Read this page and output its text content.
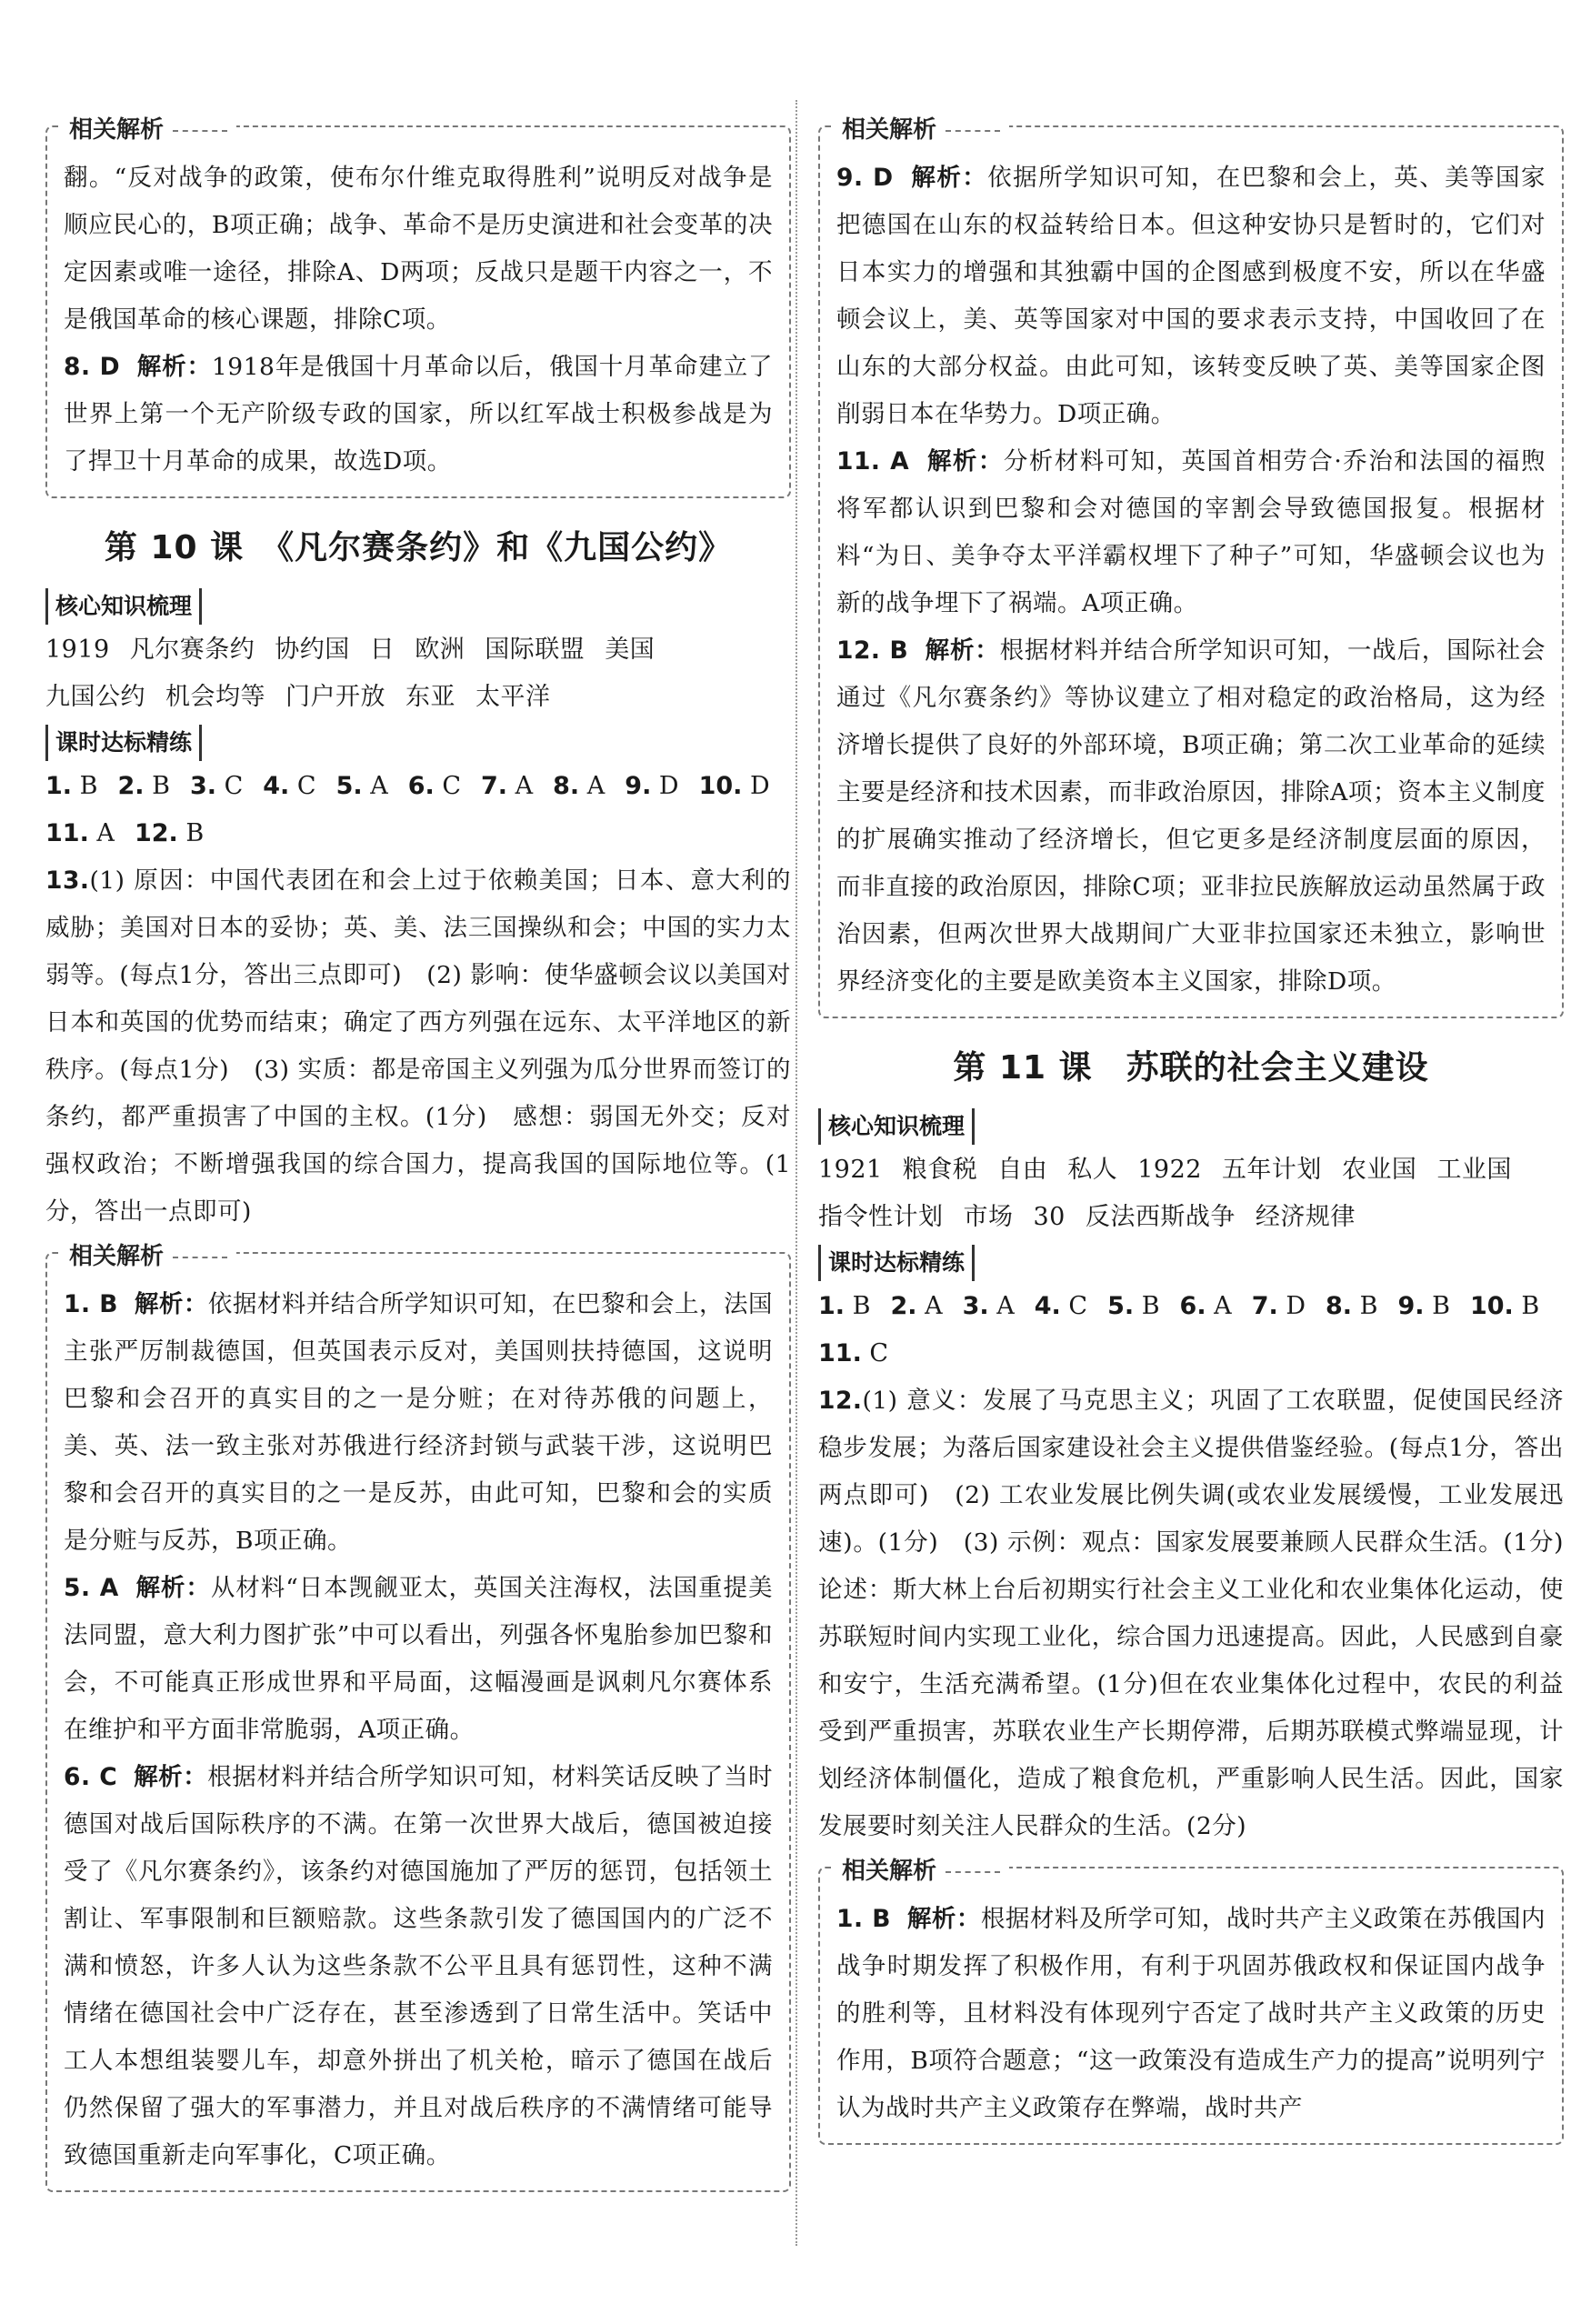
相关解析

翻。“反对战争的政策，使布尔什维克取得胜利”说明反对战争是顺应民心的，B项正确；战争、革命不是历史演进和社会变革的决定因素或唯一途径，排除A、D两项；反战只是题干内容之一，不是俄国革命的核心课题，排除C项。

8. D 解析：1918年是俄国十月革命以后，俄国十月革命建立了世界上第一个无产阶级专政的国家，所以红军战士积极参战是为了捍卫十月革命的成果，故选D项。

第 10 课　《凡尔赛条约》和《九国公约》
核心知识梳理

1919 凡尔赛条约 协约国 日 欧洲 国际联盟 美国九国公约 机会均等 门户开放 东亚 太平洋

课时达标精练

1. B 2. B 3. C 4. C 5. A 6. C 7. A 8. A 9. D 10. D11. A 12. B

13.(1) 原因：中国代表团在和会上过于依赖美国；日本、意大利的威胁；美国对日本的妥协；英、美、法三国操纵和会；中国的实力太弱等。(每点1分，答出三点即可)　(2) 影响：使华盛顿会议以美国对日本和英国的优势而结束；确定了西方列强在远东、太平洋地区的新秩序。(每点1分)　(3) 实质：都是帝国主义列强为瓜分世界而签订的条约，都严重损害了中国的主权。(1分)　感想：弱国无外交；反对强权政治；不断增强我国的综合国力，提高我国的国际地位等。(1分，答出一点即可)

相关解析

1. B 解析：依据材料并结合所学知识可知，在巴黎和会上，法国主张严厉制裁德国，但英国表示反对，美国则扶持德国，这说明巴黎和会召开的真实目的之一是分赃；在对待苏俄的问题上，美、英、法一致主张对苏俄进行经济封锁与武装干涉，这说明巴黎和会召开的真实目的之一是反苏，由此可知，巴黎和会的实质是分赃与反苏，B项正确。

5. A 解析：从材料“日本觊觎亚太，英国关注海权，法国重提美法同盟，意大利力图扩张”中可以看出，列强各怀鬼胎参加巴黎和会，不可能真正形成世界和平局面，这幅漫画是讽刺凡尔赛体系在维护和平方面非常脆弱，A项正确。

6. C 解析：根据材料并结合所学知识可知，材料笑话反映了当时德国对战后国际秩序的不满。在第一次世界大战后，德国被迫接受了《凡尔赛条约》，该条约对德国施加了严厉的惩罚，包括领土割让、军事限制和巨额赔款。这些条款引发了德国国内的广泛不满和愤怒，许多人认为这些条款不公平且具有惩罚性，这种不满情绪在德国社会中广泛存在，甚至渗透到了日常生活中。笑话中工人本想组装婴儿车，却意外拼出了机关枪，暗示了德国在战后仍然保留了强大的军事潜力，并且对战后秩序的不满情绪可能导致德国重新走向军事化，C项正确。

相关解析

9. D 解析：依据所学知识可知，在巴黎和会上，英、美等国家把德国在山东的权益转给日本。但这种安协只是暂时的，它们对日本实力的增强和其独霸中国的企图感到极度不安，所以在华盛顿会议上，美、英等国家对中国的要求表示支持，中国收回了在山东的大部分权益。由此可知，该转变反映了英、美等国家企图削弱日本在华势力。D项正确。

11. A 解析：分析材料可知，英国首相劳合·乔治和法国的福煦将军都认识到巴黎和会对德国的宰割会导致德国报复。根据材料“为日、美争夺太平洋霸权埋下了种子”可知，华盛顿会议也为新的战争埋下了祸端。A项正确。

12. B 解析：根据材料并结合所学知识可知，一战后，国际社会通过《凡尔赛条约》等协议建立了相对稳定的政治格局，这为经济增长提供了良好的外部环境，B项正确；第二次工业革命的延续主要是经济和技术因素，而非政治原因，排除A项；资本主义制度的扩展确实推动了经济增长，但它更多是经济制度层面的原因，而非直接的政治原因，排除C项；亚非拉民族解放运动虽然属于政治因素，但两次世界大战期间广大亚非拉国家还未独立，影响世界经济变化的主要是欧美资本主义国家，排除D项。

第 11 课　苏联的社会主义建设
核心知识梳理

1921 粮食税 自由 私人 1922 五年计划 农业国 工业国指令性计划 市场 30 反法西斯战争 经济规律

课时达标精练

1. B 2. A 3. A 4. C 5. B 6. A 7. D 8. B 9. B 10. B11. C

12.(1) 意义：发展了马克思主义；巩固了工农联盟，促使国民经济稳步发展；为落后国家建设社会主义提供借鉴经验。(每点1分，答出两点即可)　(2) 工农业发展比例失调(或农业发展缓慢，工业发展迅速)。(1分)　(3) 示例：观点：国家发展要兼顾人民群众生活。(1分)论述：斯大林上台后初期实行社会主义工业化和农业集体化运动，使苏联短时间内实现工业化，综合国力迅速提高。因此，人民感到自豪和安宁，生活充满希望。(1分)但在农业集体化过程中，农民的利益受到严重损害，苏联农业生产长期停滞，后期苏联模式弊端显现，计划经济体制僵化，造成了粮食危机，严重影响人民生活。因此，国家发展要时刻关注人民群众的生活。(2分)

相关解析

1. B 解析：根据材料及所学可知，战时共产主义政策在苏俄国内战争时期发挥了积极作用，有利于巩固苏俄政权和保证国内战争的胜利等，且材料没有体现列宁否定了战时共产主义政策的历史作用，B项符合题意；“这一政策没有造成生产力的提高”说明列宁认为战时共产主义政策存在弊端，战时共产
